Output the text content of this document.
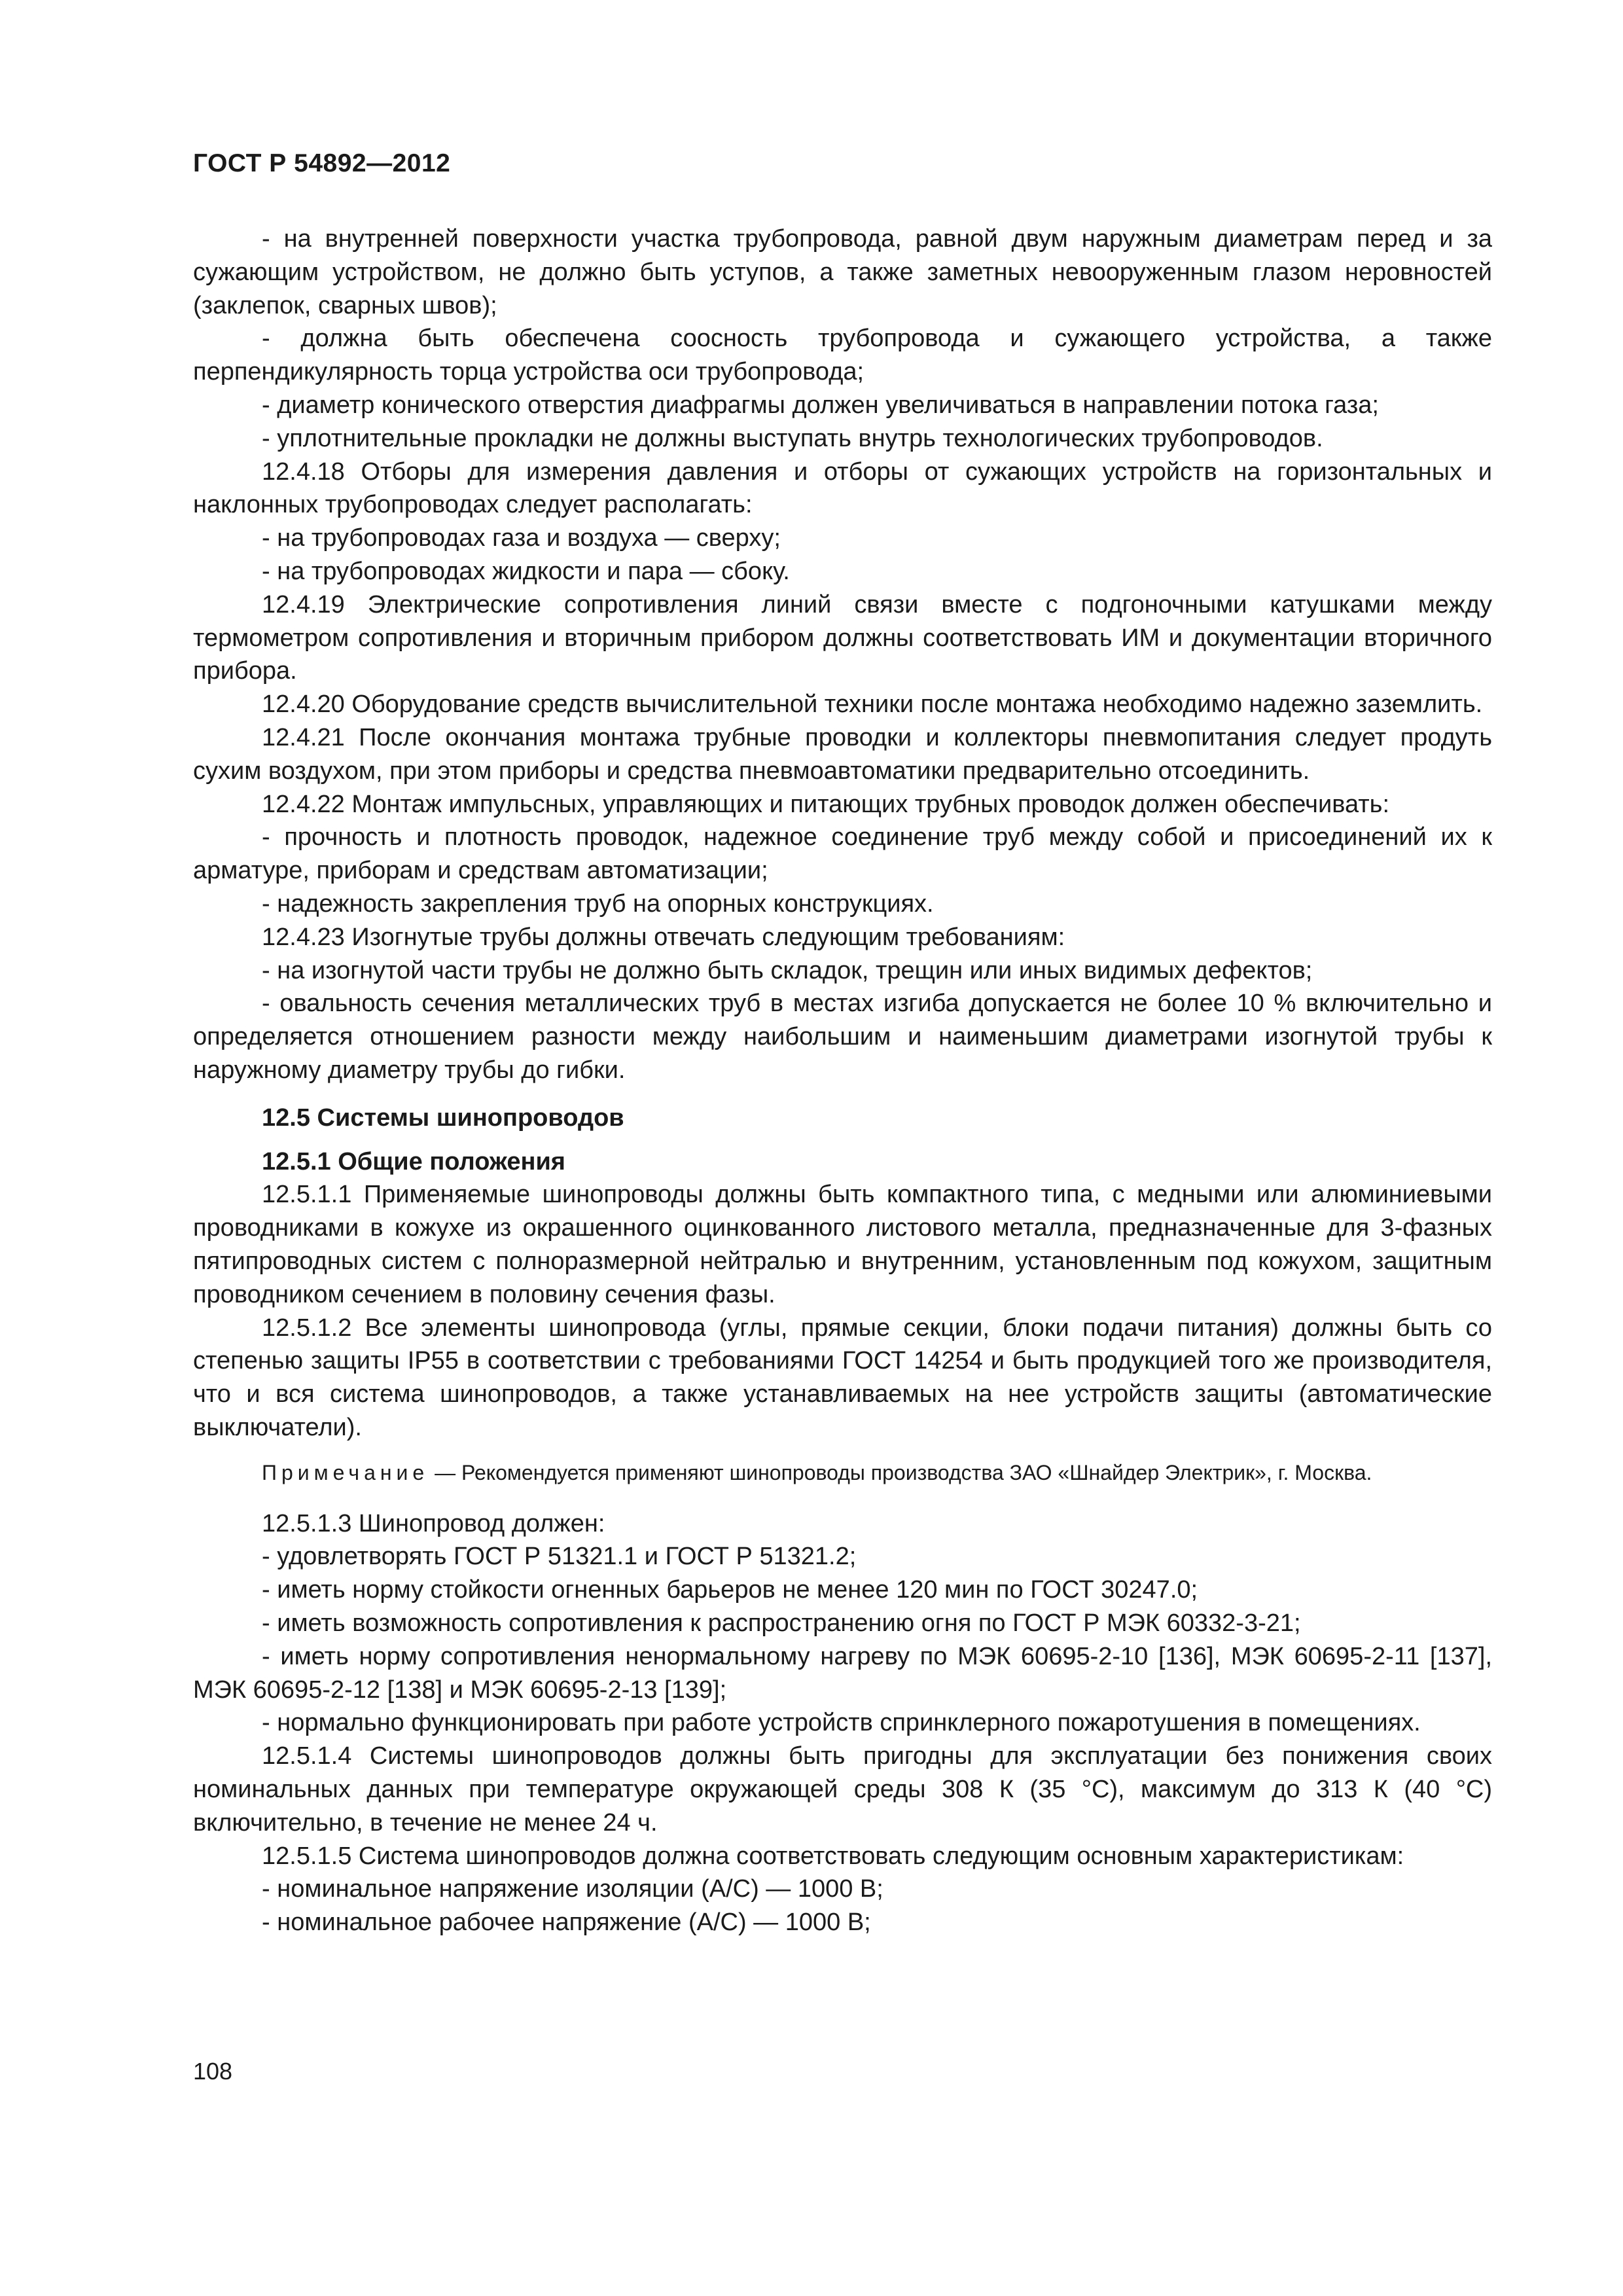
ГОСТ Р 54892—2012

- на внутренней поверхности участка трубопровода, равной двум наружным диаметрам перед и за сужающим устройством, не должно быть уступов, а также заметных невооруженным глазом неровностей (заклепок, сварных швов);

- должна быть обеспечена соосность трубопровода и сужающего устройства, а также перпендикулярность торца устройства оси трубопровода;

- диаметр конического отверстия диафрагмы должен увеличиваться в направлении потока газа;

- уплотнительные прокладки не должны выступать внутрь технологических трубопроводов.

12.4.18 Отборы для измерения давления и отборы от сужающих устройств на горизонтальных и наклонных трубопроводах следует располагать:

- на трубопроводах газа и воздуха — сверху;

- на трубопроводах жидкости и пара — сбоку.

12.4.19 Электрические сопротивления линий связи вместе с подгоночными катушками между термометром сопротивления и вторичным прибором должны соответствовать ИМ и документации вторичного прибора.

12.4.20 Оборудование средств вычислительной техники после монтажа необходимо надежно заземлить.

12.4.21 После окончания монтажа трубные проводки и коллекторы пневмопитания следует продуть сухим воздухом, при этом приборы и средства пневмоавтоматики предварительно отсоединить.

12.4.22 Монтаж импульсных, управляющих и питающих трубных проводок должен обеспечивать:

- прочность и плотность проводок, надежное соединение труб между собой и присоединений их к арматуре, приборам и средствам автоматизации;

- надежность закрепления труб на опорных конструкциях.

12.4.23 Изогнутые трубы должны отвечать следующим требованиям:

- на изогнутой части трубы не должно быть складок, трещин или иных видимых дефектов;

- овальность сечения металлических труб в местах изгиба допускается не более 10 % включительно и определяется отношением разности между наибольшим и наименьшим диаметрами изогнутой трубы к наружному диаметру трубы до гибки.

12.5 Системы шинопроводов

12.5.1 Общие положения

12.5.1.1 Применяемые шинопроводы должны быть компактного типа, с медными или алюминиевыми проводниками в кожухе из окрашенного оцинкованного листового металла, предназначенные для 3-фазных пятипроводных систем с полноразмерной нейтралью и внутренним, установленным под кожухом, защитным проводником сечением в половину сечения фазы.

12.5.1.2 Все элементы шинопровода (углы, прямые секции, блоки подачи питания) должны быть со степенью защиты IP55 в соответствии с требованиями ГОСТ 14254 и быть продукцией того же производителя, что и вся система шинопроводов, а также устанавливаемых на нее устройств защиты (автоматические выключатели).

Примечание — Рекомендуется применяют шинопроводы производства ЗАО «Шнайдер Электрик», г. Москва.

12.5.1.3 Шинопровод должен:

- удовлетворять ГОСТ Р 51321.1 и ГОСТ Р 51321.2;

- иметь норму стойкости огненных барьеров не менее 120 мин по ГОСТ 30247.0;

- иметь возможность сопротивления к распространению огня по ГОСТ Р МЭК 60332-3-21;

- иметь норму сопротивления ненормальному нагреву по МЭК 60695-2-10 [136], МЭК 60695-2-11 [137], МЭК 60695-2-12 [138] и МЭК 60695-2-13 [139];

- нормально функционировать при работе устройств спринклерного пожаротушения в помещениях.

12.5.1.4 Системы шинопроводов должны быть пригодны для эксплуатации без понижения своих номинальных данных при температуре окружающей среды 308 К (35 °С), максимум до 313 К (40 °С) включительно, в течение не менее 24 ч.

12.5.1.5 Система шинопроводов должна соответствовать следующим основным характеристикам:

- номинальное напряжение изоляции (А/С) — 1000 В;

- номинальное рабочее напряжение (А/С) — 1000 В;

108
